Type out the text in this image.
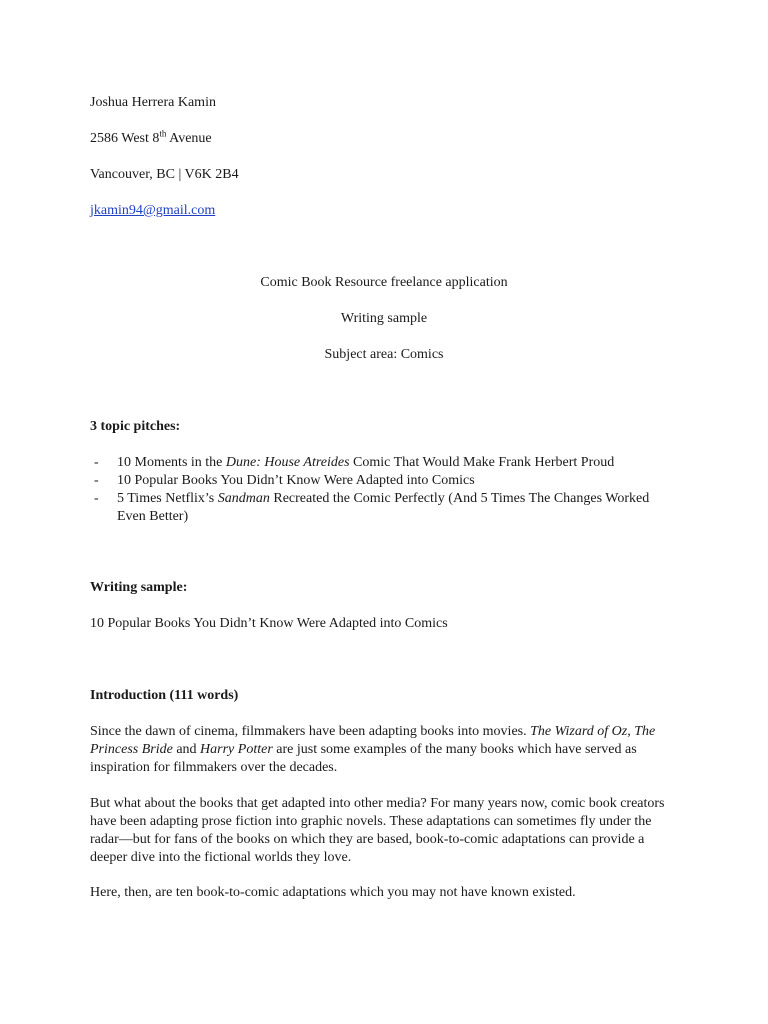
Joshua Herrera Kamin
2586 West 8th Avenue
Vancouver, BC | V6K 2B4
jkamin94@gmail.com
Comic Book Resource freelance application
Writing sample
Subject area: Comics
3 topic pitches:
- 10 Moments in the Dune: House Atreides Comic That Would Make Frank Herbert Proud
- 10 Popular Books You Didn’t Know Were Adapted into Comics
- 5 Times Netflix’s Sandman Recreated the Comic Perfectly (And 5 Times The Changes Worked Even Better)
Writing sample:
10 Popular Books You Didn’t Know Were Adapted into Comics
Introduction (111 words)
Since the dawn of cinema, filmmakers have been adapting books into movies. The Wizard of Oz, The Princess Bride and Harry Potter are just some examples of the many books which have served as inspiration for filmmakers over the decades.
But what about the books that get adapted into other media? For many years now, comic book creators have been adapting prose fiction into graphic novels. These adaptations can sometimes fly under the radar—but for fans of the books on which they are based, book-to-comic adaptations can provide a deeper dive into the fictional worlds they love.
Here, then, are ten book-to-comic adaptations which you may not have known existed.
